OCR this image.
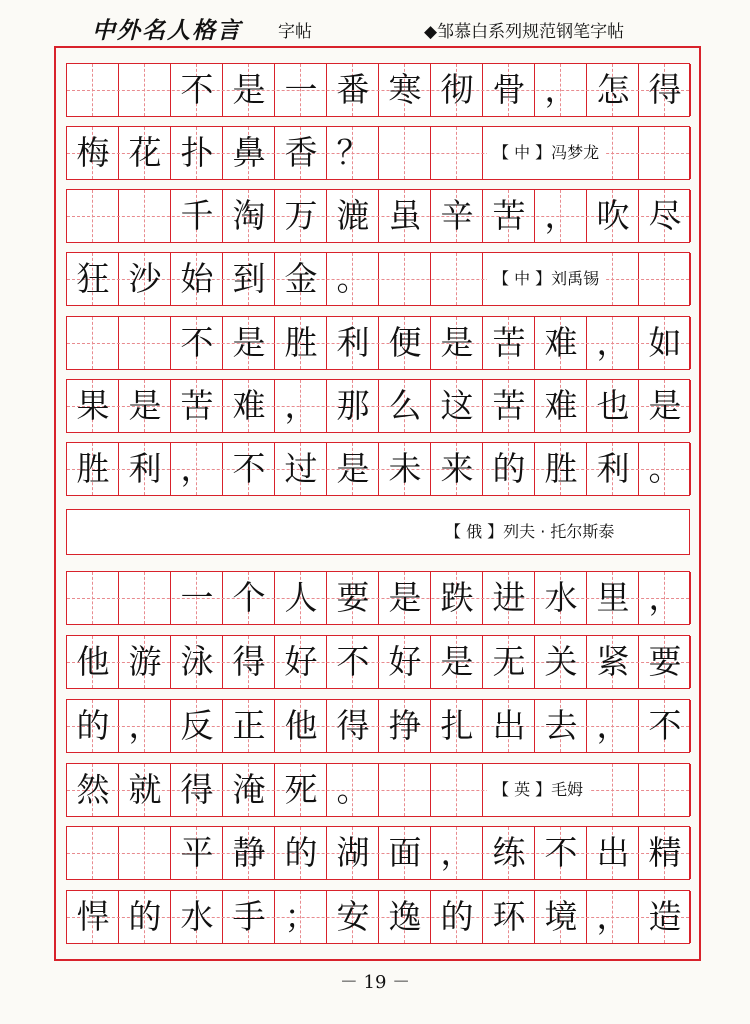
中外名人格言 字帖	◆邹慕白系列规范钢笔字帖
不 是 一 番 寒 彻 骨 ， 怎 得
梅 花 扑 鼻 香 ？	【 中 】冯梦龙
千 淘 万 漉 虽 辛 苦 ， 吹 尽
狂 沙 始 到 金 。	【 中 】刘禹锡
不 是 胜 利 便 是 苦 难 ， 如
果 是 苦 难 ， 那 么 这 苦 难 也 是
胜 利 ， 不 过 是 未 来 的 胜 利 。
【 俄 】列夫 · 托尔斯泰
一 个 人 要 是 跌 进 水 里 ，
他 游 泳 得 好 不 好 是 无 关 紧 要
的 ， 反 正 他 得 挣 扎 出 去 ， 不
然 就 得 淹 死 。	【 英 】毛姆
平 静 的 湖 面 ， 练 不 出 精
悍 的 水 手 ； 安 逸 的 环 境 ， 造
－ 19 －
